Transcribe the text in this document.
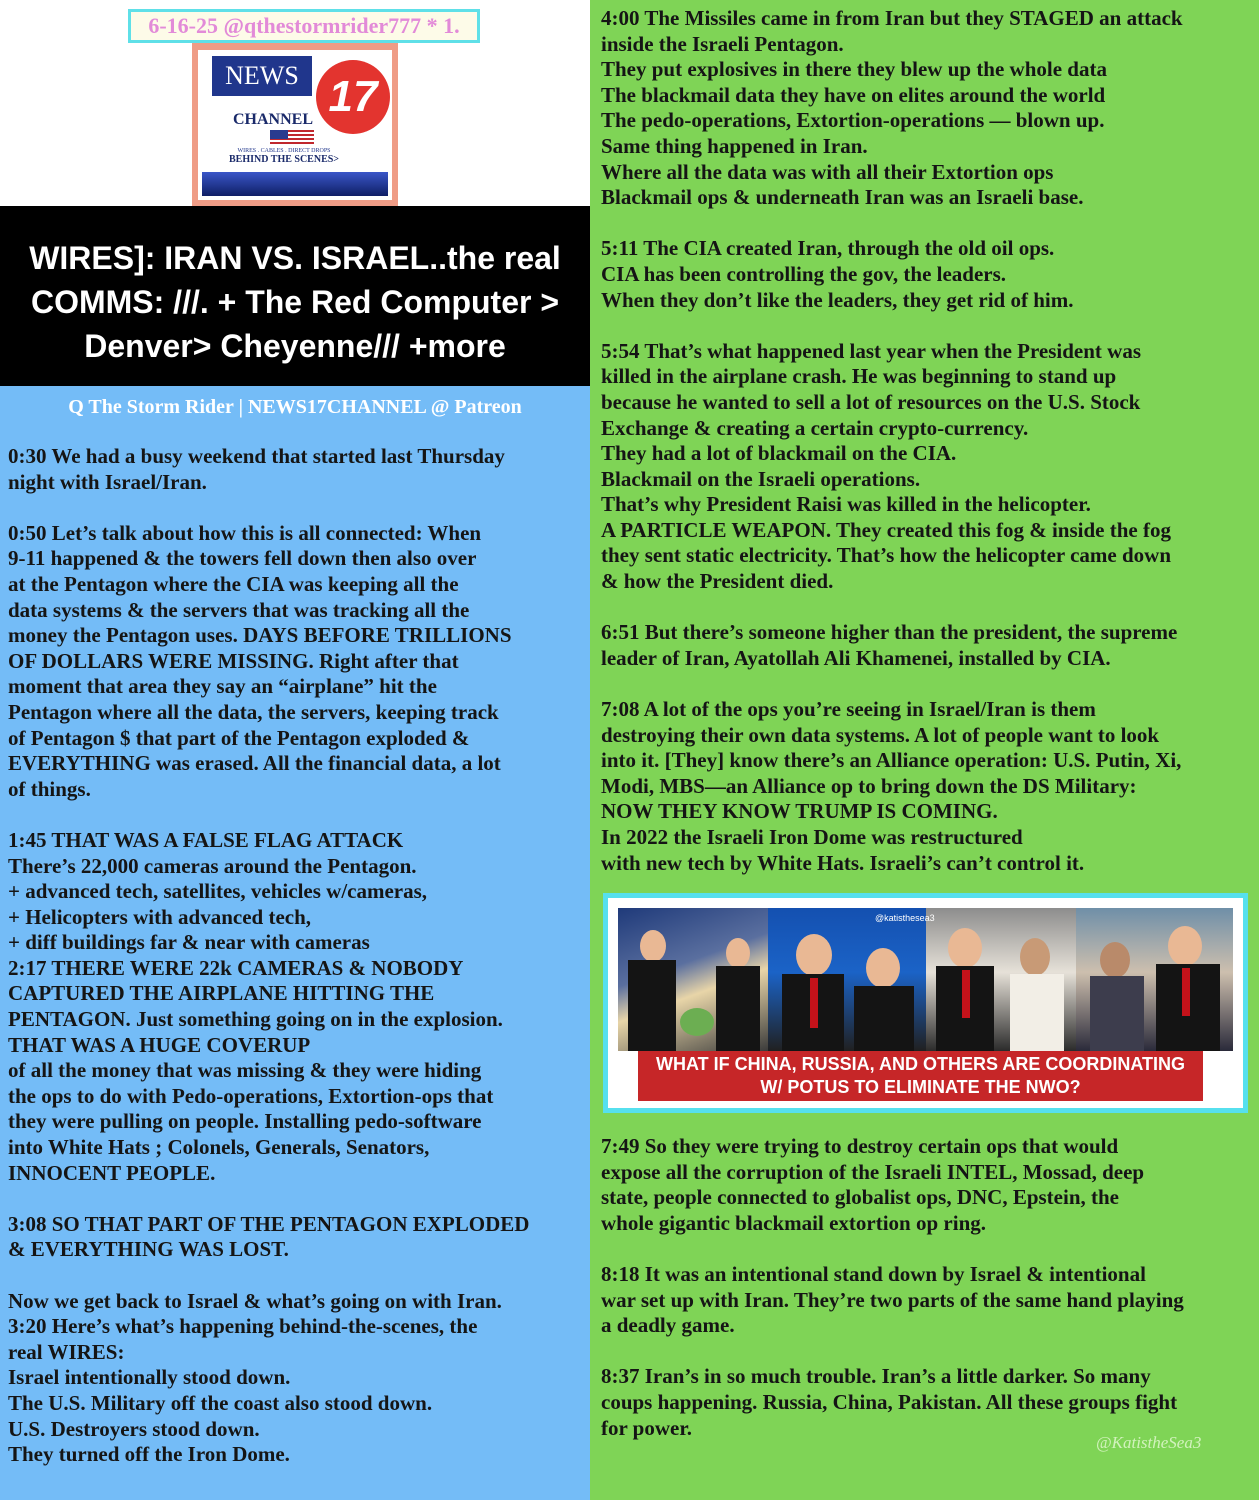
6-16-25 @qthestormrider777 * 1.
NEWS 17
CHANNEL
WIRES . CABLES . DIRECT DROPS
BEHIND THE SCENES>
WIRES]: IRAN VS. ISRAEL..the real COMMS: ///. + The Red Computer > Denver> Cheyenne/// +more
Q The Storm Rider | NEWS17CHANNEL @ Patreon

0:30 We had a busy weekend that started last Thursday
night with Israel/Iran.

0:50 Let’s talk about how this is all connected: When
9-11 happened & the towers fell down then also over
at the Pentagon where the CIA was keeping all the
data systems & the servers that was tracking all the
money the Pentagon uses. DAYS BEFORE TRILLIONS
OF DOLLARS WERE MISSING. Right after that
moment that area they say an “airplane” hit the
Pentagon where all the data, the servers, keeping track
of Pentagon $ that part of the Pentagon exploded &
EVERYTHING was erased. All the financial data, a lot
of things.

1:45 THAT WAS A FALSE FLAG ATTACK
There’s 22,000 cameras around the Pentagon.
+ advanced tech, satellites, vehicles w/cameras,
+ Helicopters with advanced tech,
+ diff buildings far & near with cameras
2:17 THERE WERE 22k CAMERAS & NOBODY
CAPTURED THE AIRPLANE HITTING THE
PENTAGON. Just something going on in the explosion.
THAT WAS A HUGE COVERUP
of all the money that was missing & they were hiding
the ops to do with Pedo-operations, Extortion-ops that
they were pulling on people. Installing pedo-software
into White Hats ; Colonels, Generals, Senators,
INNOCENT PEOPLE.

3:08 SO THAT PART OF THE PENTAGON EXPLODED
& EVERYTHING WAS LOST.

Now we get back to Israel & what’s going on with Iran.
3:20 Here’s what’s happening behind-the-scenes, the
real WIRES:
Israel intentionally stood down.
The U.S. Military off the coast also stood down.
U.S. Destroyers stood down.
They turned off the Iron Dome.

4:00 The Missiles came in from Iran but they STAGED an attack
inside the Israeli Pentagon.
They put explosives in there they blew up the whole data
The blackmail data they have on elites around the world
The pedo-operations, Extortion-operations — blown up.
Same thing happened in Iran.
Where all the data was with all their Extortion ops
Blackmail ops & underneath Iran was an Israeli base.

5:11 The CIA created Iran, through the old oil ops.
CIA has been controlling the gov, the leaders.
When they don’t like the leaders, they get rid of him.

5:54 That’s what happened last year when the President was
killed in the airplane crash. He was beginning to stand up
because he wanted to sell a lot of resources on the U.S. Stock
Exchange & creating a certain crypto-currency.
They had a lot of blackmail on the CIA.
Blackmail on the Israeli operations.
That’s why President Raisi was killed in the helicopter.
A PARTICLE WEAPON. They created this fog & inside the fog
they sent static electricity. That’s how the helicopter came down
& how the President died.

6:51 But there’s someone higher than the president, the supreme
leader of Iran, Ayatollah Ali Khamenei, installed by CIA.

7:08 A lot of the ops you’re seeing in Israel/Iran is them
destroying their own data systems. A lot of people want to look
into it. [They] know there’s an Alliance operation: U.S. Putin, Xi,
Modi, MBS—an Alliance op to bring down the DS Military:
NOW THEY KNOW TRUMP IS COMING.
In 2022 the Israeli Iron Dome was restructured
with new tech by White Hats. Israeli’s can’t control it.

7:49 So they were trying to destroy certain ops that would
expose all the corruption of the Israeli INTEL, Mossad, deep
state, people connected to globalist ops, DNC, Epstein, the
whole gigantic blackmail extortion op ring.

8:18 It was an intentional stand down by Israel & intentional
war set up with Iran. They’re two parts of the same hand playing
a deadly game.

8:37 Iran’s in so much trouble. Iran’s a little darker. So many
coups happening. Russia, China, Pakistan. All these groups fight
for power.

@katisthesea3
WHAT IF CHINA, RUSSIA, AND OTHERS ARE COORDINATING
W/ POTUS TO ELIMINATE THE NWO?
@KatistheSea3
